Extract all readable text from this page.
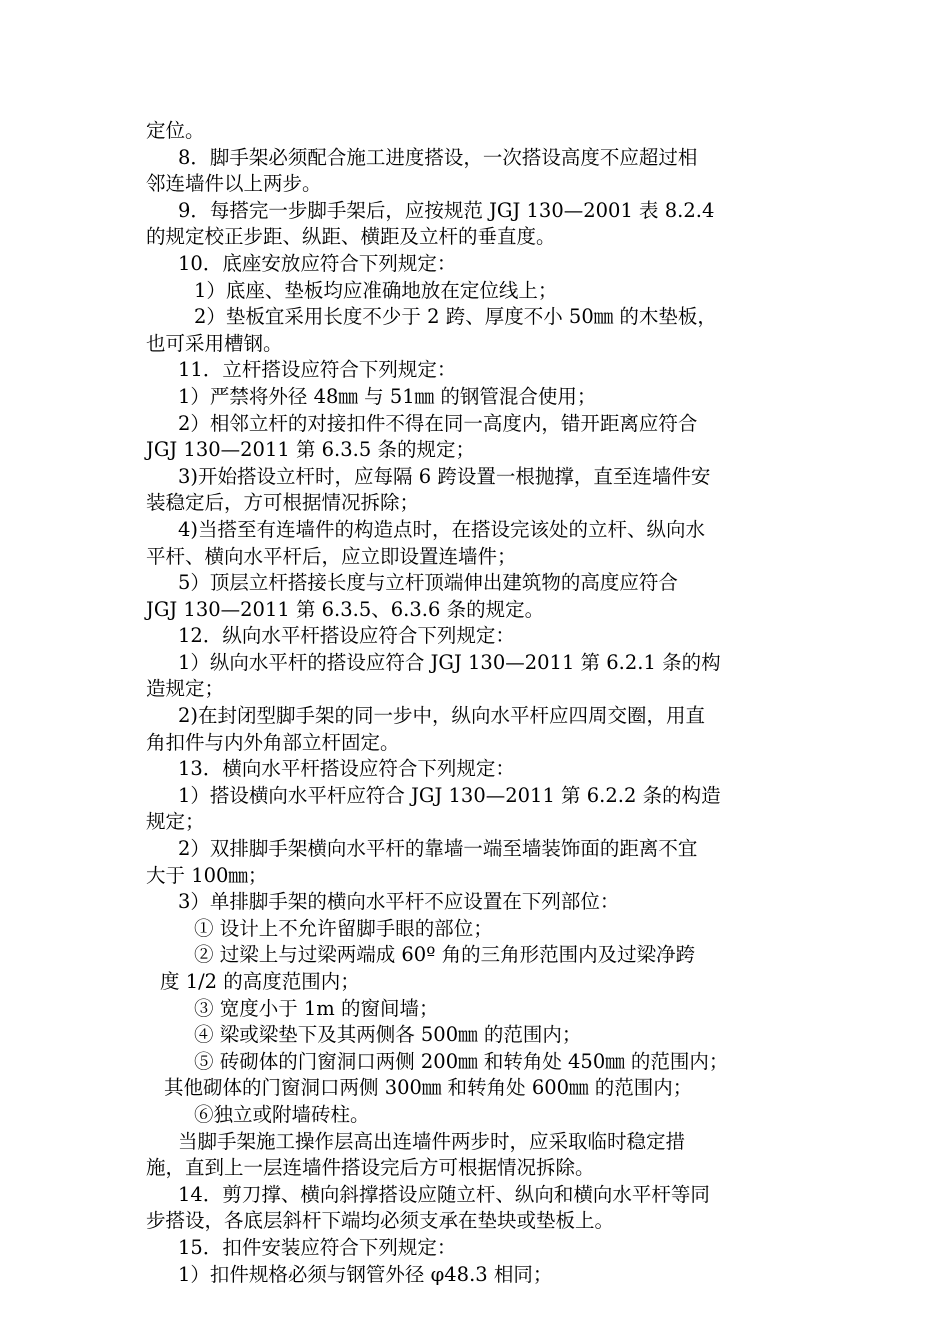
定位。
8．脚手架必须配合施工进度搭设，一次搭设高度不应超过相
邻连墙件以上两步。
9．每搭完一步脚手架后，应按规范 JGJ 130—2001 表 8.2.4
的规定校正步距、纵距、横距及立杆的垂直度。
10．底座安放应符合下列规定：
1）底座、垫板均应准确地放在定位线上；
2）垫板宜采用长度不少于 2 跨、厚度不小 50㎜ 的木垫板，
也可采用槽钢。
11．立杆搭设应符合下列规定：
1）严禁将外径 48㎜ 与 51㎜ 的钢管混合使用；
2）相邻立杆的对接扣件不得在同一高度内，错开距离应符合
JGJ 130—2011 第 6.3.5 条的规定；
3)开始搭设立杆时，应每隔 6 跨设置一根抛撑，直至连墙件安
装稳定后，方可根据情况拆除；
4)当搭至有连墙件的构造点时，在搭设完该处的立杆、纵向水
平杆、横向水平杆后，应立即设置连墙件；
5）顶层立杆搭接长度与立杆顶端伸出建筑物的高度应符合
JGJ 130—2011 第 6.3.5、6.3.6 条的规定。
12．纵向水平杆搭设应符合下列规定：
1）纵向水平杆的搭设应符合 JGJ 130—2011 第 6.2.1 条的构
造规定；
2)在封闭型脚手架的同一步中，纵向水平杆应四周交圈，用直
角扣件与内外角部立杆固定。
13．横向水平杆搭设应符合下列规定：
1）搭设横向水平杆应符合 JGJ 130—2011 第 6.2.2 条的构造
规定；
2）双排脚手架横向水平杆的靠墙一端至墙装饰面的距离不宜
大于 100㎜；
3）单排脚手架的横向水平杆不应设置在下列部位：
① 设计上不允许留脚手眼的部位；
② 过梁上与过梁两端成 60º 角的三角形范围内及过梁净跨
度 1/2 的高度范围内；
③ 宽度小于 1m 的窗间墙；
④ 梁或梁垫下及其两侧各 500㎜ 的范围内；
⑤ 砖砌体的门窗洞口两侧 200㎜ 和转角处 450㎜ 的范围内；
其他砌体的门窗洞口两侧 300㎜ 和转角处 600㎜ 的范围内；
⑥独立或附墙砖柱。
当脚手架施工操作层高出连墙件两步时，应采取临时稳定措
施，直到上一层连墙件搭设完后方可根据情况拆除。
14．剪刀撑、横向斜撑搭设应随立杆、纵向和横向水平杆等同
步搭设，各底层斜杆下端均必须支承在垫块或垫板上。
15．扣件安装应符合下列规定：
1）扣件规格必须与钢管外径 φ48.3 相同；
